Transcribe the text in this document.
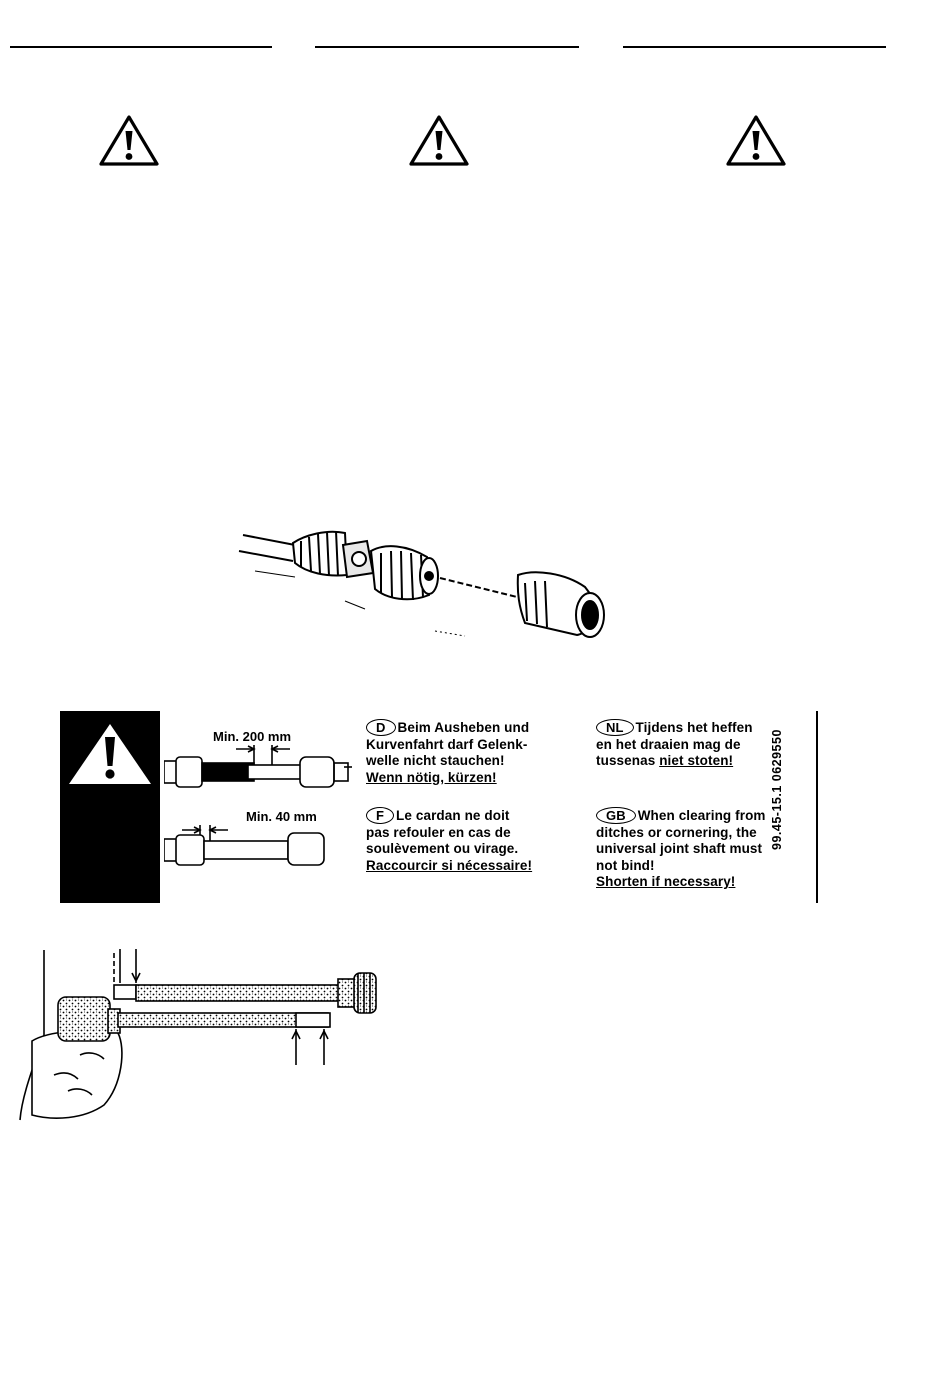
Min. 200 mm
Min. 40 mm
D Beim Ausheben und
Kurvenfahrt darf Gelenk-
welle nicht stauchen!
Wenn nötig, kürzen!
F Le cardan ne doit
pas refouler en cas de
soulèvement ou virage.
Raccourcir si nécessaire!
NL Tijdens het heffen
en het draaien mag de
tussenas niet stoten!
GB When clearing from
ditches or cornering, the
universal joint shaft must
not bind!
Shorten if necessary!
99.45-15.1 0629550
